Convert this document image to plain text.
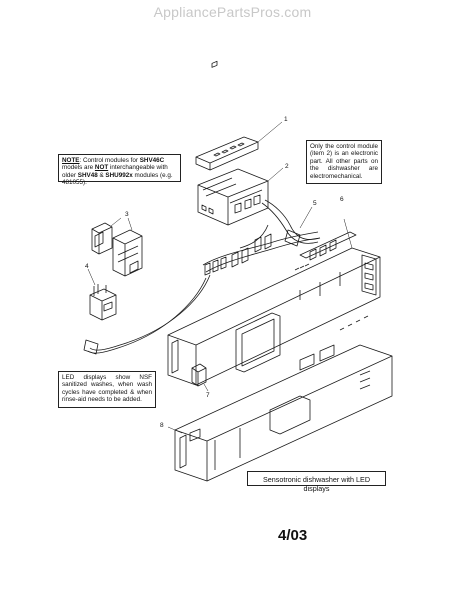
AppliancePartsPros.com
NOTE: Control modules for SHV46C models are NOT interchangeable with older SHV48 & SHU992x modules (e.g. 481055).
Only the control module (item 2) is an electronic part. All other parts on the dishwasher are electromechanical.
LED displays show NSF sanitized washes, when wash cycles have completed & when rinse-aid needs to be added.
Sensotronic dishwasher with LED displays
4/03
1
2
3
4
5
6
7
8
